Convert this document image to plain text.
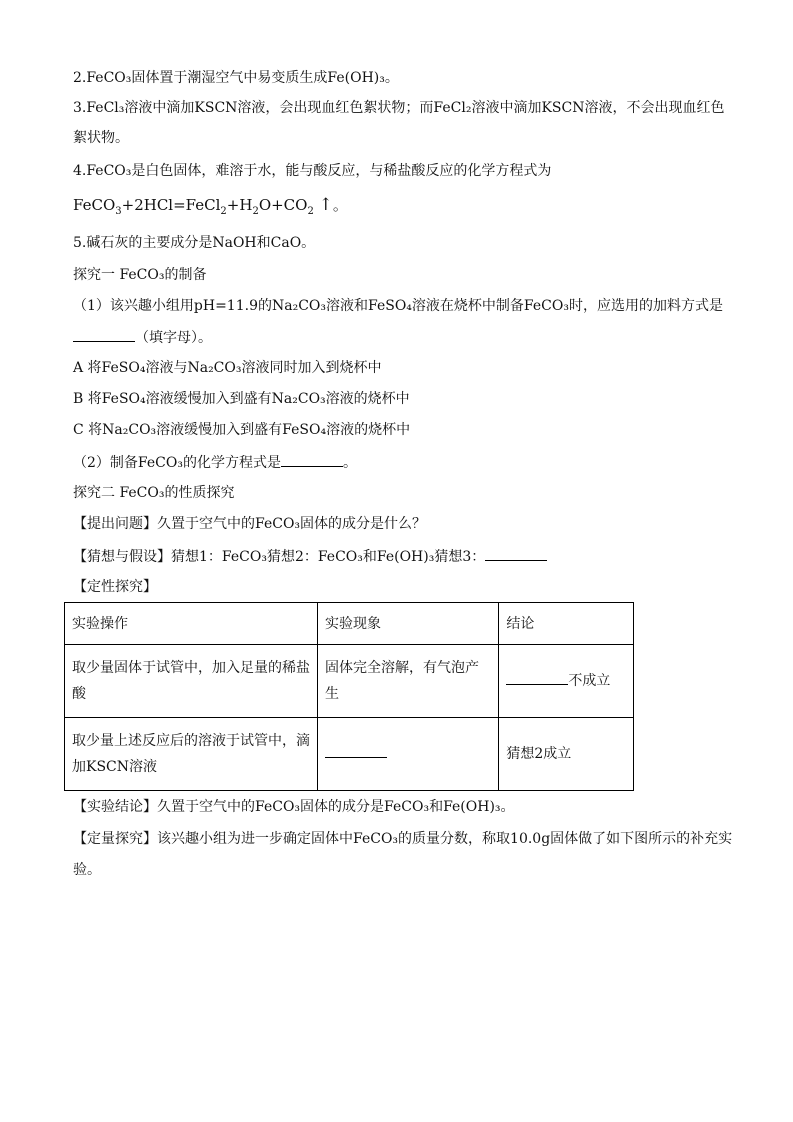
2.FeCO₃固体置于潮湿空气中易变质生成Fe(OH)₃。
3.FeCl₃溶液中滴加KSCN溶液，会出现血红色絮状物；而FeCl₂溶液中滴加KSCN溶液，不会出现血红色
絮状物。
4.FeCO₃是白色固体，难溶于水，能与酸反应，与稀盐酸反应的化学方程式为
$FeCO_3+2HCl=FeCl_2+H_2O+CO_2$ ↑。
5.碱石灰的主要成分是NaOH和CaO。
探究一 FeCO₃的制备
（1）该兴趣小组用pH=11.9的Na₂CO₃溶液和FeSO₄溶液在烧杯中制备FeCO₃时，应选用的加料方式是
（填字母）。
A 将FeSO₄溶液与Na₂CO₃溶液同时加入到烧杯中
B 将FeSO₄溶液缓慢加入到盛有Na₂CO₃溶液的烧杯中
C 将Na₂CO₃溶液缓慢加入到盛有FeSO₄溶液的烧杯中
（2）制备FeCO₃的化学方程式是	。
探究二 FeCO₃的性质探究
【提出问题】久置于空气中的FeCO₃固体的成分是什么？
【猜想与假设】猜想1：FeCO₃猜想2：FeCO₃和Fe(OH)₃猜想3：
【定性探究】
实验操作	实验现象	结论
取少量固体于试管中，加入足量的稀盐酸	固体完全溶解，有气泡产生	不成立
取少量上述反应后的溶液于试管中，滴加KSCN溶液		猜想2成立
【实验结论】久置于空气中的FeCO₃固体的成分是FeCO₃和Fe(OH)₃。
【定量探究】该兴趣小组为进一步确定固体中FeCO₃的质量分数，称取10.0g固体做了如下图所示的补充实
验。
